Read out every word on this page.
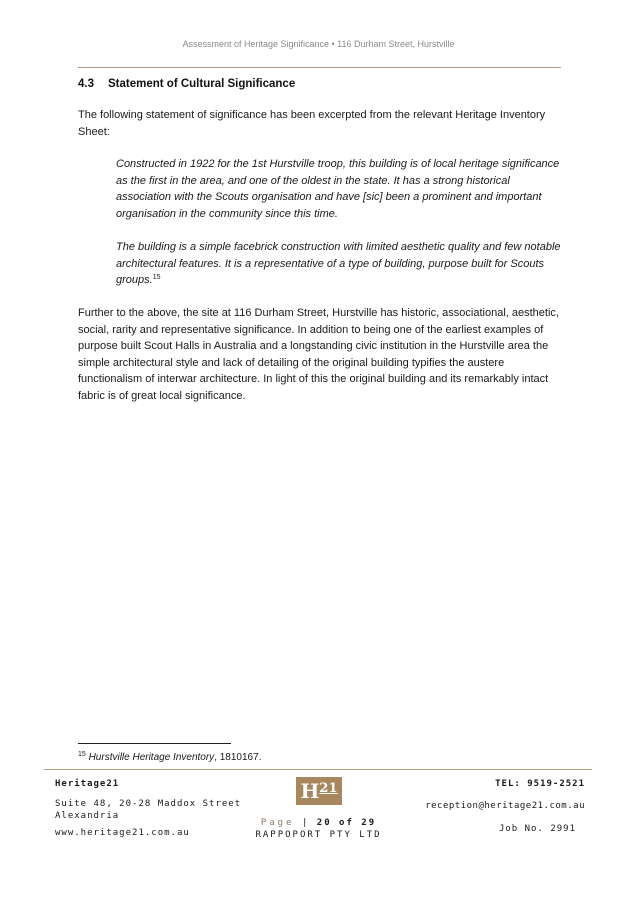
Assessment of Heritage Significance • 116 Durham Street, Hurstville
4.3 Statement of Cultural Significance
The following statement of significance has been excerpted from the relevant Heritage Inventory Sheet:
Constructed in 1922 for the 1st Hurstville troop, this building is of local heritage significance as the first in the area, and one of the oldest in the state. It has a strong historical association with the Scouts organisation and have [sic] been a prominent and important organisation in the community since this time.
The building is a simple facebrick construction with limited aesthetic quality and few notable architectural features. It is a representative of a type of building, purpose built for Scouts groups.$^{15}$
Further to the above, the site at 116 Durham Street, Hurstville has historic, associational, aesthetic, social, rarity and representative significance. In addition to being one of the earliest examples of purpose built Scout Halls in Australia and a longstanding civic institution in the Hurstville area the simple architectural style and lack of detailing of the original building typifies the austere functionalism of interwar architecture. In light of this the original building and its remarkably intact fabric is of great local significance.
$^{15}$ Hurstville Heritage Inventory, 1810167.
Heritage21
Suite 48, 20-28 Maddox Street
Alexandria
www.heritage21.com.au
$H^{21}$
Page | 20 of 29
RAPPOPORT PTY LTD
TEL: 9519-2521
reception@heritage21.com.au
Job No. 2991
